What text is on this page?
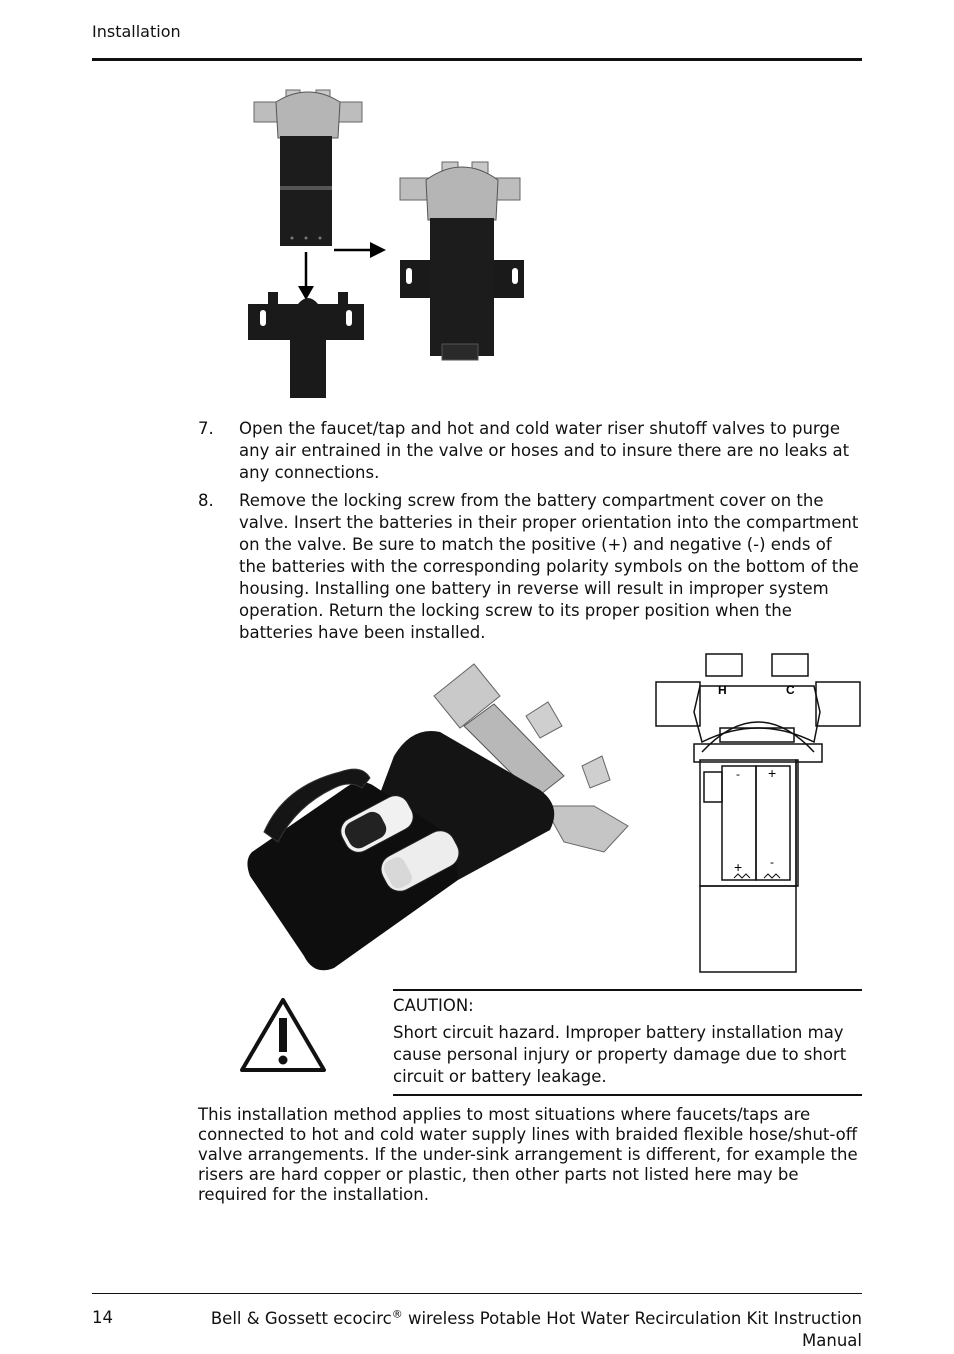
Installation
7. Open the faucet/tap and hot and cold water riser shutoff valves to purge any air entrained in the valve or hoses and to insure there are no leaks at any connections.
8. Remove the locking screw from the battery compartment cover on the valve. Insert the batteries in their proper orientation into the compartment on the valve. Be sure to match the positive (+) and negative (-) ends of the batteries with the corresponding polarity symbols on the bottom of the housing. Installing one battery in reverse will result in improper system operation. Return the locking screw to its proper position when the batteries have been installed.
H	C
- +
+ -
CAUTION:
Short circuit hazard. Improper battery installation may cause personal injury or property damage due to short circuit or battery leakage.
This installation method applies to most situations where faucets/taps are connected to hot and cold water supply lines with braided flexible hose/shut-off valve arrangements. If the under-sink arrangement is different, for example the risers are hard copper or plastic, then other parts not listed here may be required for the installation.
14	Bell & Gossett ecocirc® wireless Potable Hot Water Recirculation Kit Instruction Manual
